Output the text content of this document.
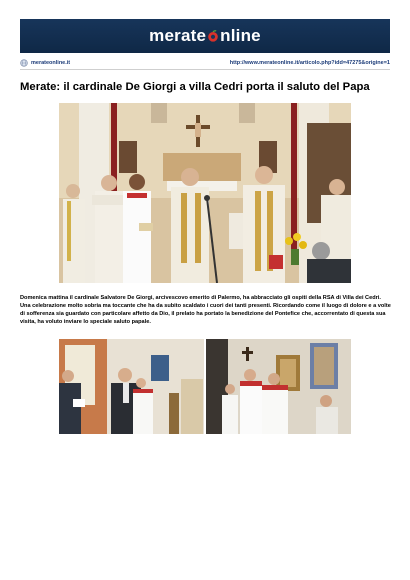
merate nline
merateonline.it	http://www.merateonline.it/articolo.php?idd=47275&origine=1
Merate: il cardinale De Giorgi a villa Cedri porta il saluto del Papa

Domenica mattina il cardinale Salvatore De Giorgi, arcivescovo emerito di Palermo, ha abbracciato gli ospiti della RSA di Villa dei Cedri. Una celebrazione molto sobria ma toccante che ha da subito scaldato i cuori dei tanti presenti. Ricordando come il luogo di dolore e a volte di sofferenza sia guardato con particolare affetto da Dio, il prelato ha portato la benedizione del Pontefice che, accorrentato di questa sua visita, ha voluto inviare lo speciale saluto papale.
